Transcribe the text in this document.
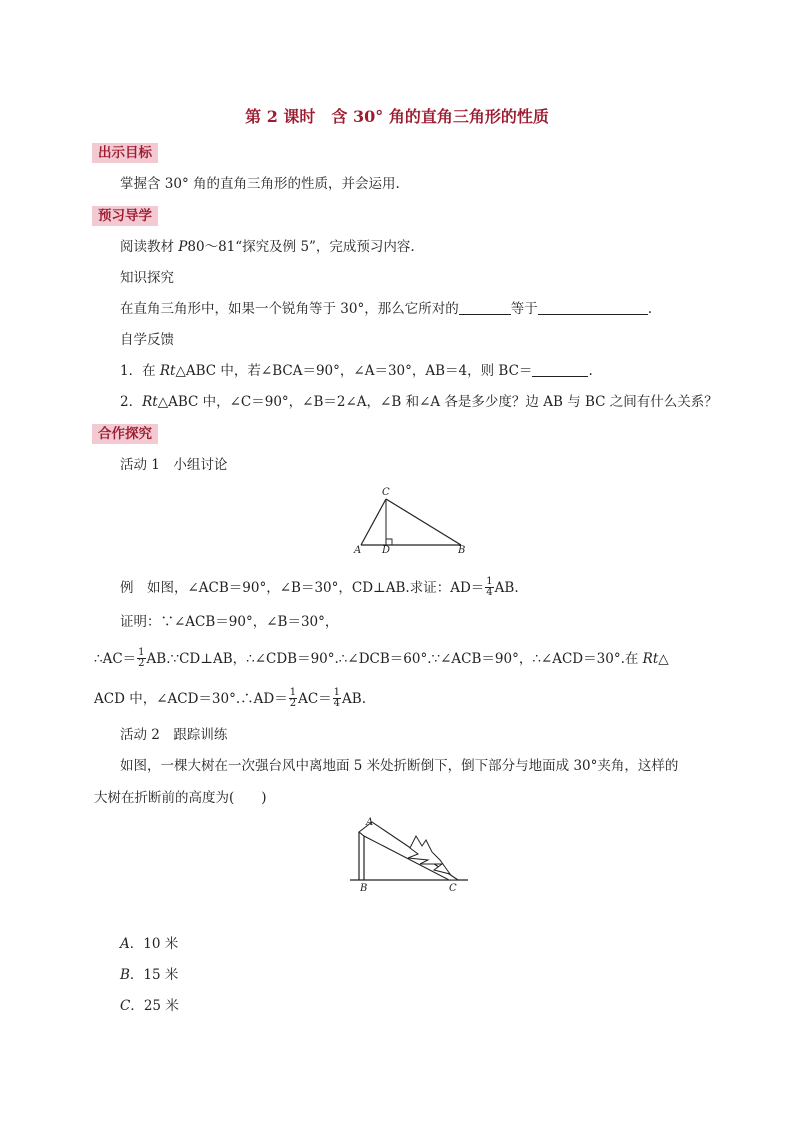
第 2 课时　含 30° 角的直角三角形的性质
出示目标
掌握含 30° 角的直角三角形的性质，并会运用.
预习导学
阅读教材 P80～81“探究及例 5”，完成预习内容.
知识探究
在直角三角形中，如果一个锐角等于 30°，那么它所对的	等于	.
自学反馈
1．在 Rt△ABC 中，若∠BCA＝90°，∠A＝30°，AB＝4，则 BC＝	.
2．Rt△ABC 中，∠C＝90°，∠B＝2∠A，∠B 和∠A 各是多少度？边 AB 与 BC 之间有什么关系？
合作探究
活动 1　小组讨论
A
C
D	B
例　如图，∠ACB＝90°，∠B＝30°，CD⊥AB.求证：$AD= \frac{1}{4}$ AB.
证明：∵∠ACB＝90°，∠B＝30°，
∴AC＝ $\frac{1}{2}$ AB.∵CD⊥AB，∴∠CDB＝90°.∴∠DCB＝60°.∵∠ACB＝90°，∴∠ACD＝30°.在 Rt△
ACD 中，∠ACD＝30°.∴AD＝ $\frac{1}{2} AC= \frac{1}{4}$ AB.
活动 2　跟踪训练
如图，一棵大树在一次强台风中离地面 5 米处折断倒下，倒下部分与地面成 30°夹角，这样的
大树在折断前的高度为(　　)
A
B	C
A．10 米
B．15 米
C．25 米
